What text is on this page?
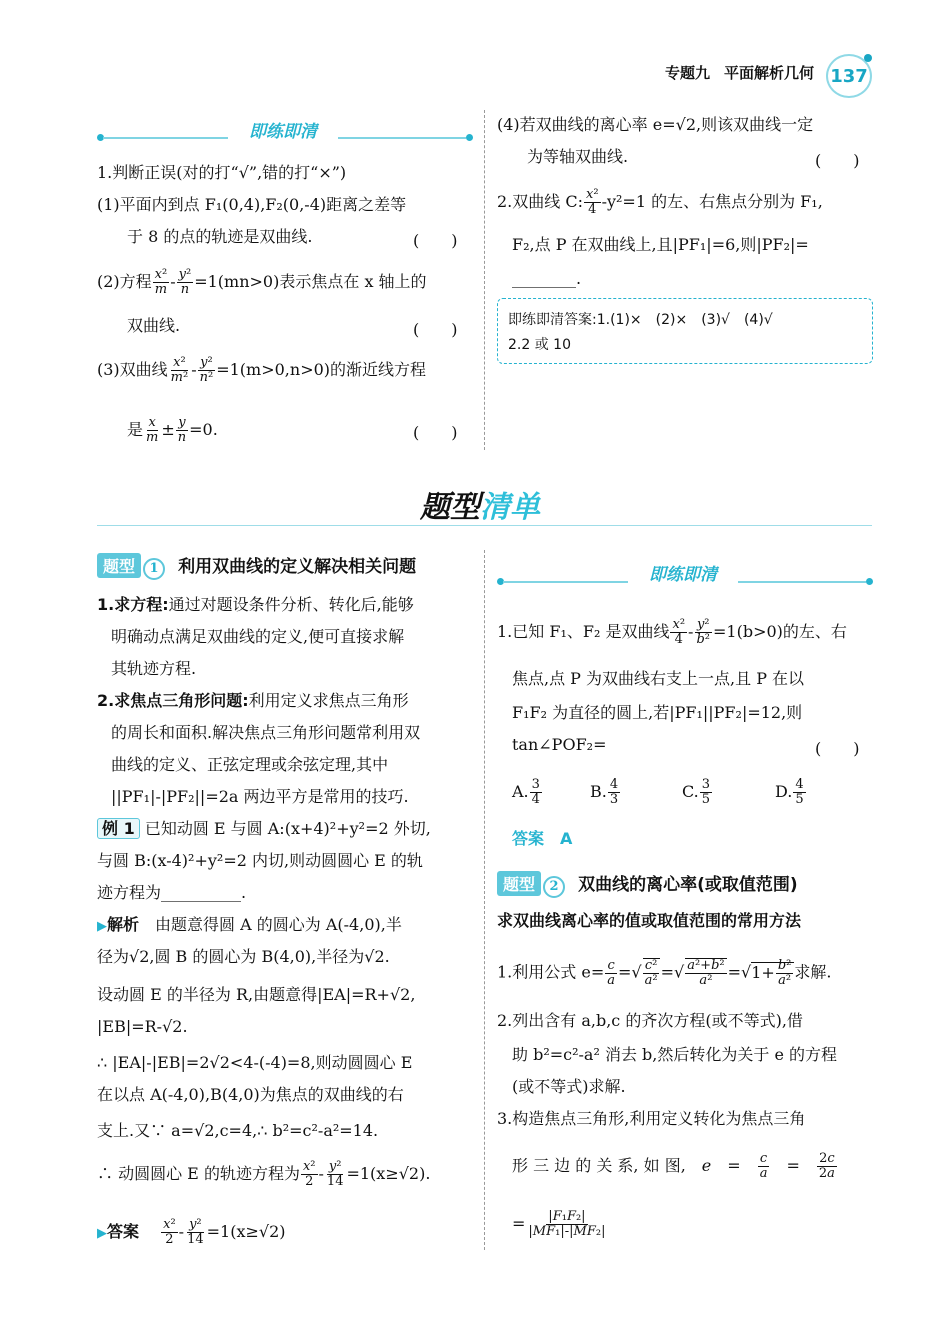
专题九 平面解析几何 137
即练即清
1.判断正误(对的打“√”,错的打“×”)
(1)平面内到点 F₁(0,4),F₂(0,-4)距离之差等
于 8 的点的轨迹是双曲线.	(　　)
(2)方程 $\frac{\text{x²}}{m} - \frac{\text{y²}}{n} =1(mn>0)$表示焦点在 x 轴上的
双曲线.	(　　)
(3)双曲线 $\frac{\text{x²}}{\text{m²}} - \frac{\text{y²}}{\text{n²}} =1(m>0,n>0)$的渐近线方程
是 $\frac{x}{m} \pm \frac{y}{n} =0$.	(　　)
(4)若双曲线的离心率 e=√2,则该双曲线一定
为等轴双曲线.	(　　)
2.双曲线 C: $\frac{\text{x²}}{4} -y^2=1$ 的左、右焦点分别为 F₁,
F₂,点 P 在双曲线上,且|PF₁|=6,则|PF₂|=
________.
即练即清答案:1.(1)×　(2)×　(3)√　(4)√
2.2 或 10
题型清单
题型 1 利用双曲线的定义解决相关问题
1.求方程:通过对题设条件分析、转化后,能够
明确动点满足双曲线的定义,便可直接求解
其轨迹方程.
2.求焦点三角形问题:利用定义求焦点三角形
的周长和面积.解决焦点三角形问题常利用双
曲线的定义、正弦定理或余弦定理,其中
||PF₁|-|PF₂||=2a 两边平方是常用的技巧.
例 1 已知动圆 E 与圆 A:(x+4)²+y²=2 外切,
与圆 B:(x-4)²+y²=2 内切,则动圆圆心 E 的轨
迹方程为__________.
▶解析　 由题意得圆 A 的圆心为 A(-4,0),半
径为√2,圆 B 的圆心为 B(4,0),半径为√2.
设动圆 E 的半径为 R,由题意得|EA|=R+√2,
|EB|=R-√2.
∴ |EA|-|EB|=2√2<4-(-4)=8,则动圆圆心 E
在以点 A(-4,0),B(4,0)为焦点的双曲线的右
支上.又∵ a=√2,c=4,∴ b²=c²-a²=14.
∴ 动圆圆心 E 的轨迹方程为 $\frac{\text{x²}}{2} - \frac{\text{y²}}{14} =1(x\ge√2)$.
▶答案　 $\frac{\text{x²}}{2} - \frac{\text{y²}}{14} =1(x\ge√2)$
即练即清
1.已知 F₁、F₂ 是双曲线 $\frac{\text{x²}}{4} - \frac{\text{y²}}{\text{b²}} =1(b>0)$的左、右
焦点,点 P 为双曲线右支上一点,且 P 在以
F₁F₂ 为直径的圆上,若|PF₁||PF₂|=12,则
tan∠POF₂=	(　　)
A. $\frac{3}{4}$	B. $\frac{4}{3}$	C. $\frac{3}{5}$	D. $\frac{4}{5}$
答案　A
题型 2 双曲线的离心率(或取值范围)
求双曲线离心率的值或取值范围的常用方法
1.利用公式 $e= \frac{c}{a}$ =√ $\frac{\text{c²}}{\text{a²}}$ =√ $\frac{\text{a²+b²}}{\text{a²}} =√1+ \frac{\text{b²}}{\text{a²}}$ 求解.
2.列出含有 a,b,c 的齐次方程(或不等式),借
助 b²=c²-a² 消去 b,然后转化为关于 e 的方程
(或不等式)求解.
3.构造焦点三角形,利用定义转化为焦点三角
形 三 边 的 关 系, 如 图,　 e　=　 $\frac{c}{a}$ 　=　 $\frac{2c}{2a}$
= $\frac{\text{|F₁F₂|}}{\text{|MF₁|-|MF₂|}}$
